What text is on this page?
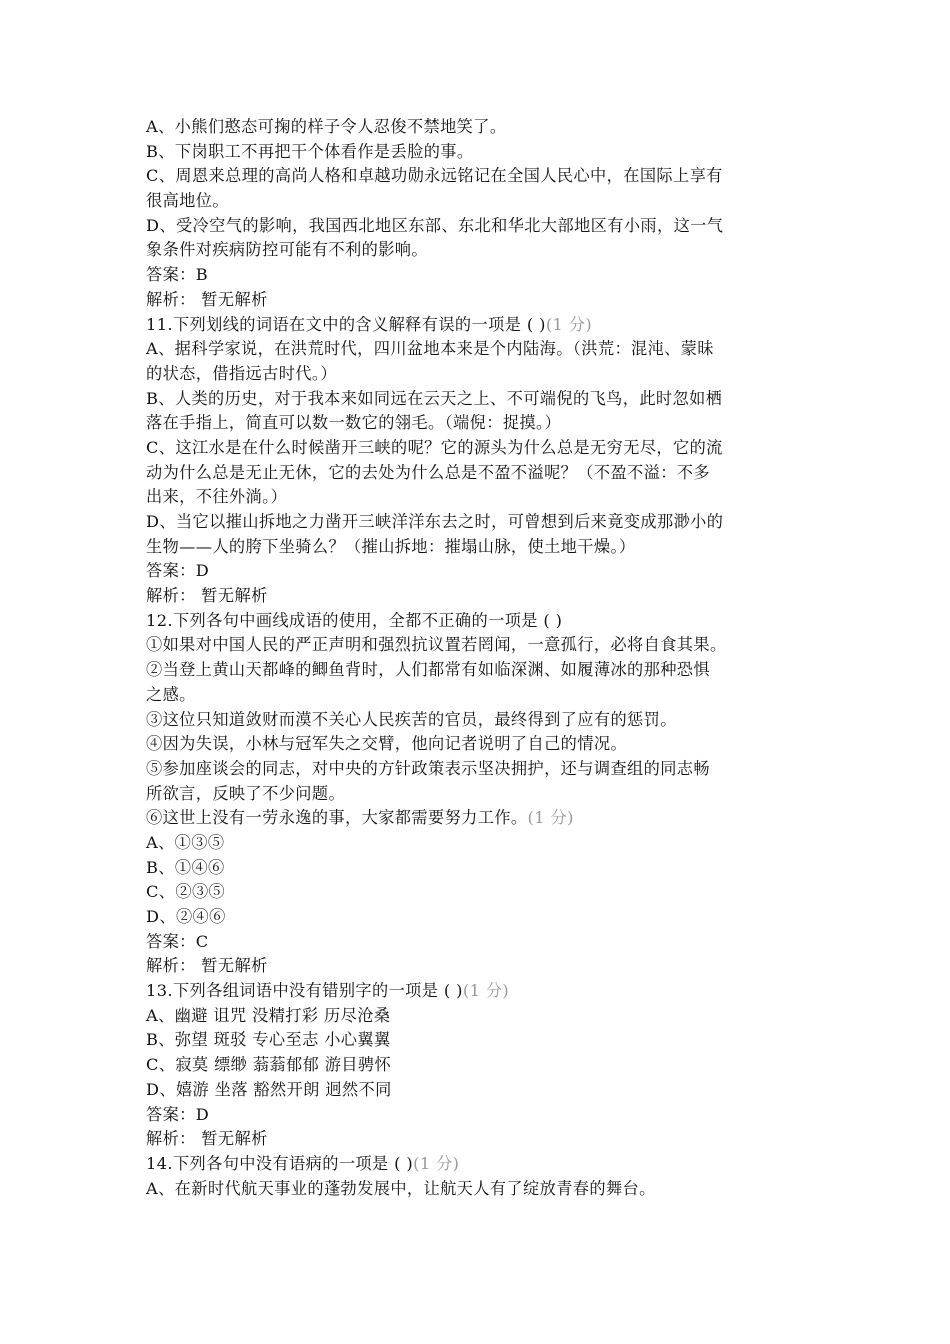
A、小熊们憨态可掬的样子令人忍俊不禁地笑了。
B、下岗职工不再把干个体看作是丢脸的事。
C、周恩来总理的高尚人格和卓越功勋永远铭记在全国人民心中，在国际上享有
很高地位。
D、受冷空气的影响，我国西北地区东部、东北和华北大部地区有小雨，这一气
象条件对疾病防控可能有不利的影响。
答案：B
解析： 暂无解析
11.下列划线的词语在文中的含义解释有误的一项是 ( )(1 分)
A、据科学家说，在洪荒时代，四川盆地本来是个内陆海。（洪荒：混沌、蒙昧
的状态，借指远古时代。）
B、人类的历史，对于我本来如同远在云天之上、不可端倪的飞鸟，此时忽如栖
落在手指上，简直可以数一数它的翎毛。（端倪：捉摸。）
C、这江水是在什么时候凿开三峡的呢？它的源头为什么总是无穷无尽，它的流
动为什么总是无止无休，它的去处为什么总是不盈不溢呢？（不盈不溢：不多
出来，不往外淌。）
D、当它以摧山拆地之力凿开三峡洋洋东去之时，可曾想到后来竟变成那渺小的
生物——人的胯下坐骑么？（摧山拆地：摧塌山脉，使土地干燥。）
答案：D
解析： 暂无解析
12.下列各句中画线成语的使用，全都不正确的一项是 ( )
①如果对中国人民的严正声明和强烈抗议置若罔闻，一意孤行，必将自食其果。
②当登上黄山天都峰的鲫鱼背时，人们都常有如临深渊、如履薄冰的那种恐惧
之感。
③这位只知道敛财而漠不关心人民疾苦的官员，最终得到了应有的惩罚。
④因为失误，小林与冠军失之交臂，他向记者说明了自己的情况。
⑤参加座谈会的同志，对中央的方针政策表示坚决拥护，还与调查组的同志畅
所欲言，反映了不少问题。
⑥这世上没有一劳永逸的事，大家都需要努力工作。(1 分)
A、①③⑤
B、①④⑥
C、②③⑤
D、②④⑥
答案：C
解析： 暂无解析
13.下列各组词语中没有错别字的一项是 ( )(1 分)
A、幽避 诅咒 没精打彩 历尽沧桑
B、弥望 斑驳 专心至志 小心翼翼
C、寂莫 缥缈 蓊蓊郁郁 游目骋怀
D、嬉游 坐落 豁然开朗 迥然不同
答案：D
解析： 暂无解析
14.下列各句中没有语病的一项是 ( )(1 分)
A、在新时代航天事业的蓬勃发展中，让航天人有了绽放青春的舞台。
